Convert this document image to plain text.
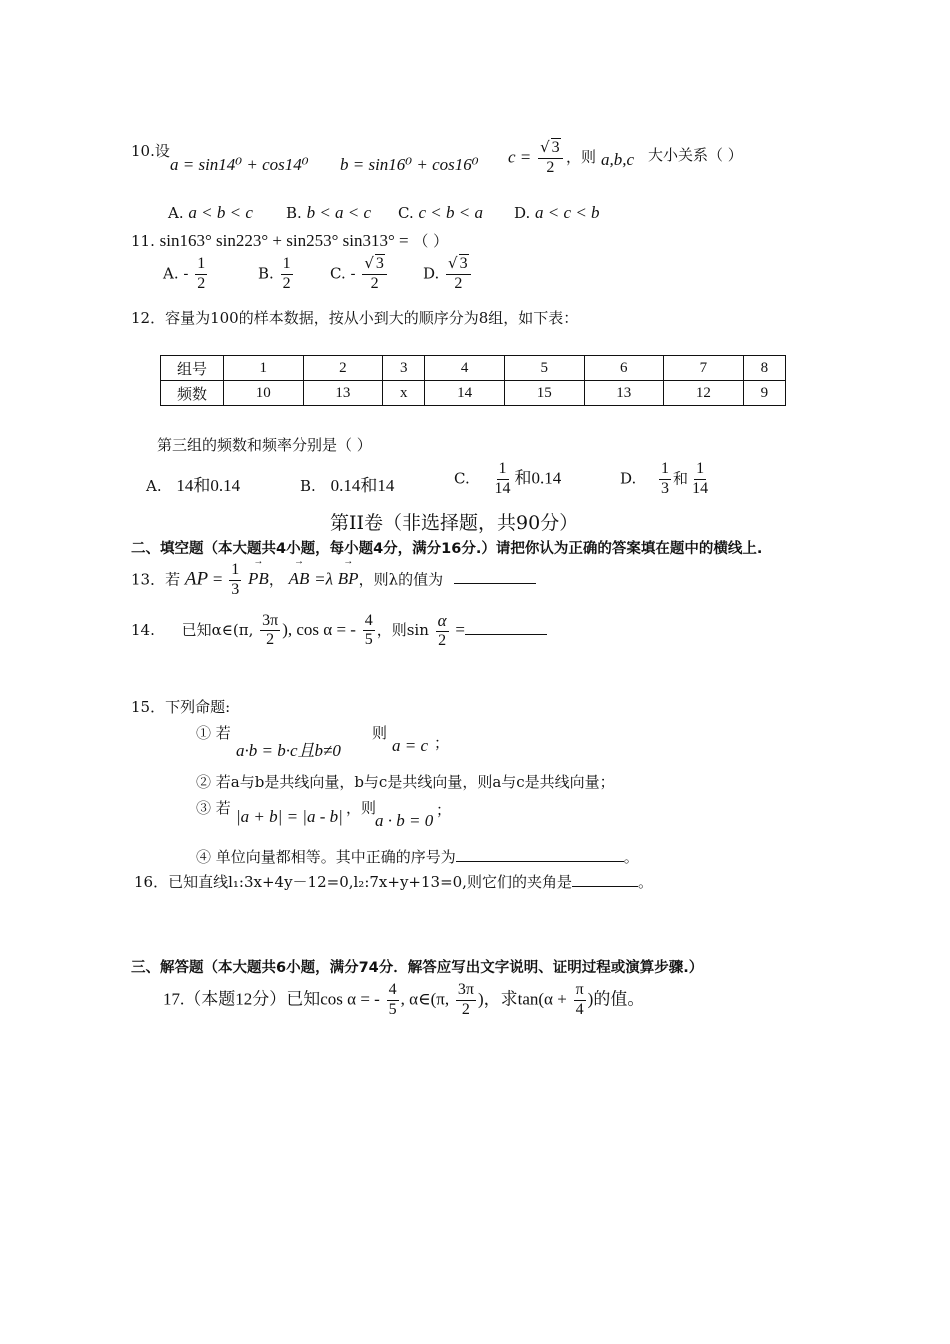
10.设
a = sin14⁰ + cos14⁰ b = sin16⁰ + cos16⁰ $c = \frac{√ 3}{2}$ ，则 a,b,c 大小关系（ ）
A. a < b < c B. b < a < c C. c < b < a D. a < c < b
11. sin163° sin223° + sin253° sin313° = （ ）
A. - $\frac{1}{2}$	B. $\frac{1}{2} C$. - $\frac{√ 3}{2} D$. $\frac{√ 3}{2}$
12．容量为100的样本数据，按从小到大的顺序分为8组，如下表：
组号	1	2	3	4	5	6	7	8
频数	10	13	x	14	15	13	12	9
第三组的频数和频率分别是（ ）
A. 14和0.14	B. 0.14和14	C. $\frac{1}{14}$ 和0.14	D. $\frac{1}{3}$ 和 $\frac{1}{14}$
第II卷（非选择题，共90分）
二、填空题（本大题共4小题，每小题4分，满分16分.）请把你认为正确的答案填在题中的横线上.
13．若 AP = $\frac{1}{3}$ → PB， → AB =λ → BP，则λ的值为
14. 已知α∈(π, $\frac{3\pi}{2}$ ), cos α = - $\frac{4}{5}$ ，则$\sin \frac{\alpha}{2}$ =
15．下列命题:
① 若
a·b = b·c且b≠0
则
a = c ；
② 若a与b是共线向量，b与c是共线向量，则a与c是共线向量；
③ 若 |a + b| = |a - b| ，则
a · b = 0
；
④ 单位向量都相等。其中正确的序号为	。
16．已知直线l₁:3x+4y－12=0,l₂:7x+y+13=0,则它们的夹角是	。
三、解答题（本大题共6小题，满分74分．解答应写出文字说明、证明过程或演算步骤.）
17.（本题12分）已知cos α = - $\frac{4}{5}$ , α∈(π, $\frac{3\pi}{2}$ )，求$\tan(\alpha + \frac{\pi}{4}$ )的值。
